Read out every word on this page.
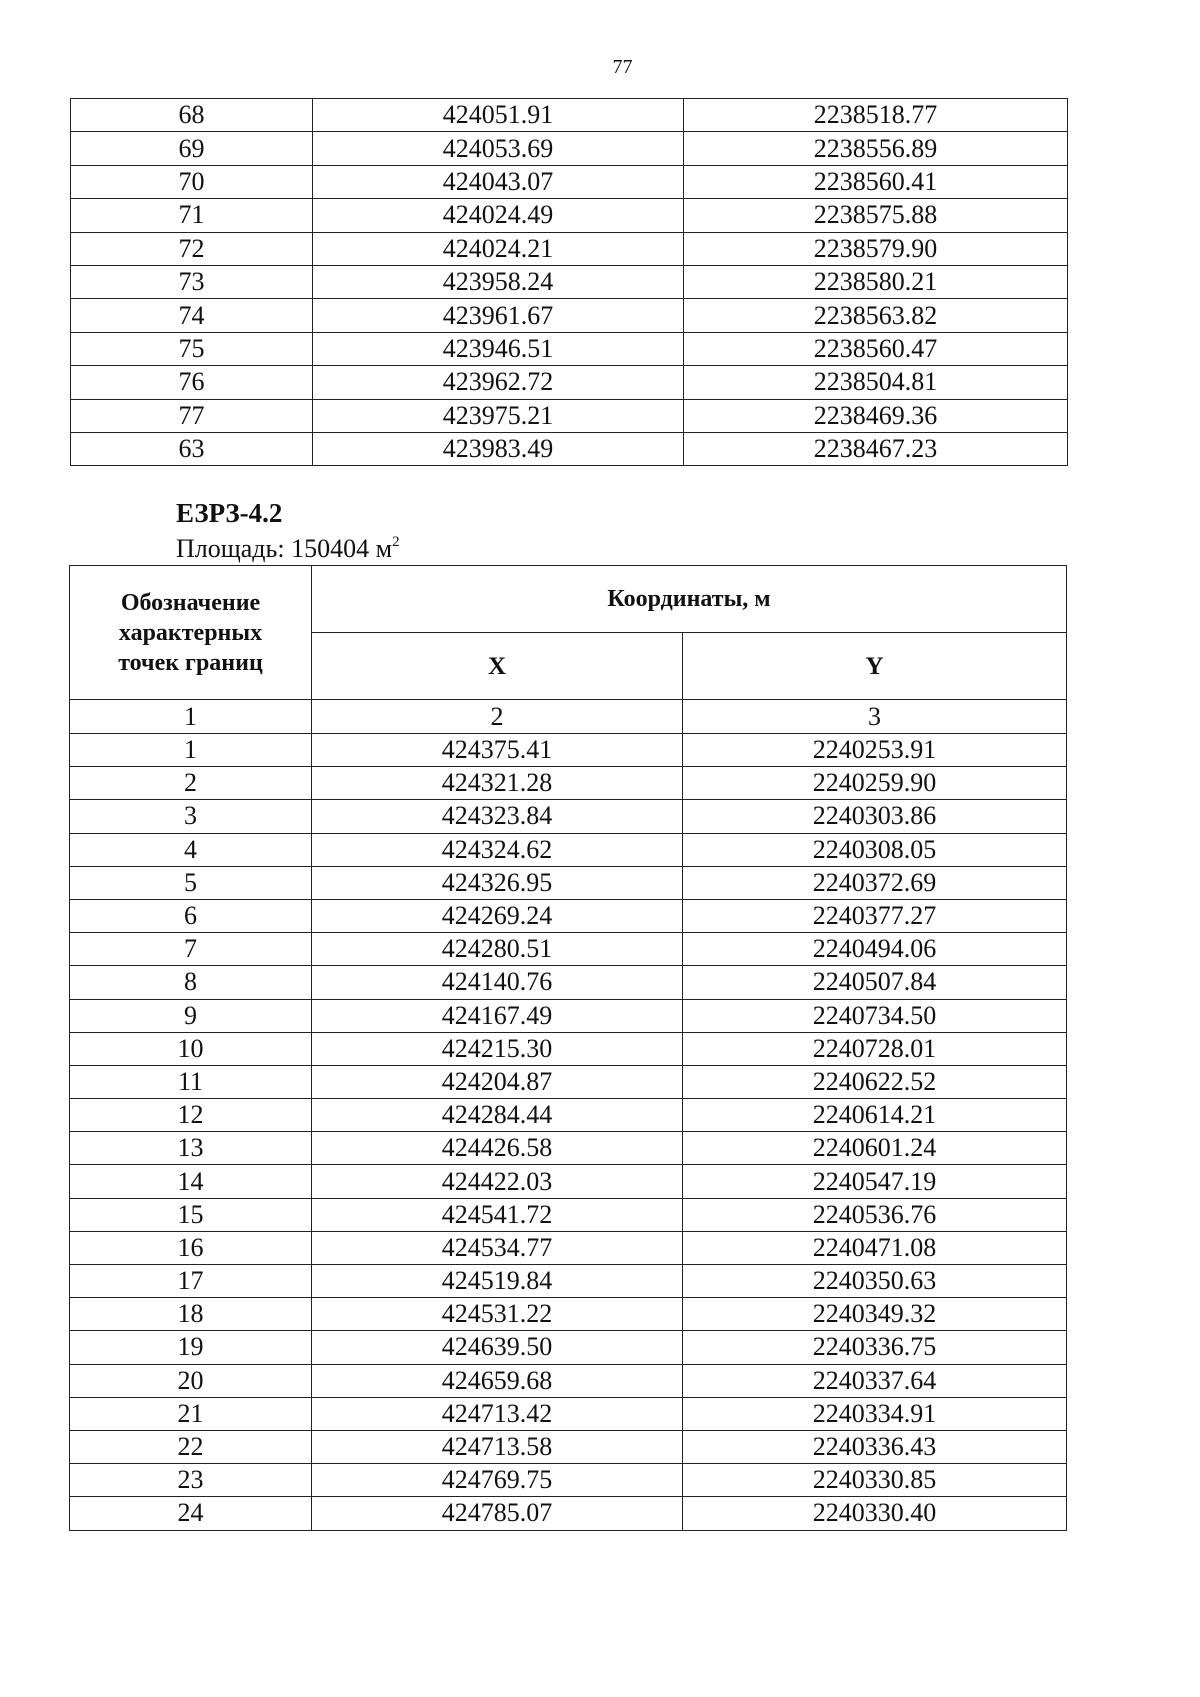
77
68	424051.91	2238518.77
69	424053.69	2238556.89
70	424043.07	2238560.41
71	424024.49	2238575.88
72	424024.21	2238579.90
73	423958.24	2238580.21
74	423961.67	2238563.82
75	423946.51	2238560.47
76	423962.72	2238504.81
77	423975.21	2238469.36
63	423983.49	2238467.23
ЕЗРЗ-4.2
Площадь: 150404 $м^2$
Обозначение характерных точек границ	Координаты, м	
	X	Y
1	2	3
1	424375.41	2240253.91
2	424321.28	2240259.90
3	424323.84	2240303.86
4	424324.62	2240308.05
5	424326.95	2240372.69
6	424269.24	2240377.27
7	424280.51	2240494.06
8	424140.76	2240507.84
9	424167.49	2240734.50
10	424215.30	2240728.01
11	424204.87	2240622.52
12	424284.44	2240614.21
13	424426.58	2240601.24
14	424422.03	2240547.19
15	424541.72	2240536.76
16	424534.77	2240471.08
17	424519.84	2240350.63
18	424531.22	2240349.32
19	424639.50	2240336.75
20	424659.68	2240337.64
21	424713.42	2240334.91
22	424713.58	2240336.43
23	424769.75	2240330.85
24	424785.07	2240330.40
